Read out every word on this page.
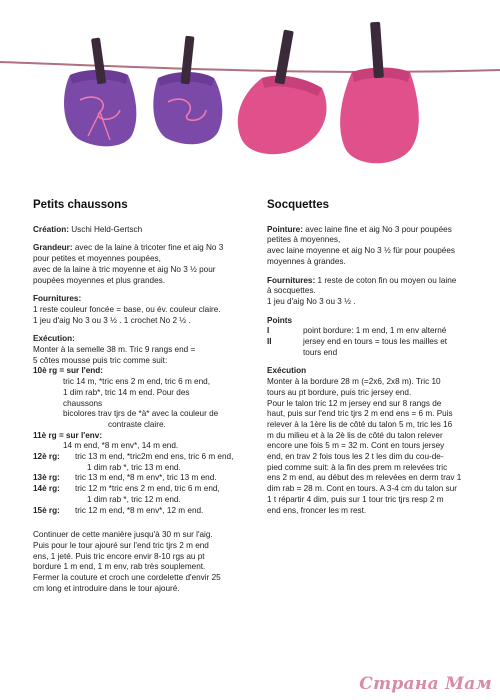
Petits chaussons
Création: Uschi Held-Gertsch
Grandeur: avec de la laine à tricoter fine et aig No 3
pour petites et moyennes poupées,
avec de la laine à tric moyenne et aig No 3 ½ pour
poupées moyennes et plus grandes.
Fournitures:
1 reste couleur foncée = base, ou év. couleur claire.
1 jeu d'aig No 3 ou 3 ½ . 1 crochet No 2 ½ .
Exécution:
Monter à la semelle 38 m. Tric 9 rangs end =
5 côtes mousse puis tric comme suit:
10è rg = sur l'end:
tric 14 m, *tric ens 2 m end, tric 6 m end,
1 dim rab*, tric 14 m end. Pour des
chaussons
bicolores trav tjrs de *à* avec la couleur de
contraste claire.
11è rg = sur l'env:
14 m end, *8 m env*, 14 m end.
12è rg:	tric 13 m end, *tric2m end ens, tric 6 m end,
1 dim rab *, tric 13 m end.
13è rg:	tric 13 m end, *8 m env*, tric 13 m end.
14è rg:	tric 12 m *tric ens 2 m end, tric 6 m end,
1 dim rab *, tric 12 m end.
15è rg:	tric 12 m end, *8 m env*, 12 m end.
Continuer de cette manière jusqu'à 30 m sur l'aig.
Puis pour le tour ajouré sur l'end tric tjrs 2 m end
ens, 1 jeté. Puis tric encore envir 8-10 rgs au pt
bordure 1 m end, 1 m env, rab très souplement.
Fermer la couture et croch une cordelette d'envir 25
cm long et introduire dans le tour ajouré.
Socquettes
Pointure: avec laine fine et aig No 3 pour poupées
petites à moyennes,
avec laine moyenne et aig No 3 ½ für pour poupées
moyennes à grandes.
Fournitures: 1 reste de coton fin ou moyen ou laine
à socquettes.
1 jeu d'aig No 3 ou 3 ½ .
Points
I	point bordure: 1 m end, 1 m env alterné
II	jersey end en tours = tous les mailles et
tours end
Exécution
Monter à la bordure 28 m (=2x6, 2x8 m). Tric 10
tours au pt bordure, puis tric jersey end.
Pour le talon tric 12 m jersey end sur 8 rangs de
haut, puis sur l'end tric tjrs 2 m end ens = 6 m. Puis
relever à la 1ère lis de côté du talon 5 m, tric les 16
m du milieu et à la 2è lis de côté du talon relever
encore une fois 5 m = 32 m. Cont en tours jersey
end, en trav 2 fois tous les 2 t les dim du cou-de-
pied comme suit: à la fin des prem m relevées tric
ens 2 m end, au début des m relevées en derm trav 1
dim rab = 28 m. Cont en tours. A 3-4 cm du talon sur
1 t répartir 4 dim, puis sur 1 tour tric tjrs resp 2 m
end ens, froncer les m rest.
Страна Мам
